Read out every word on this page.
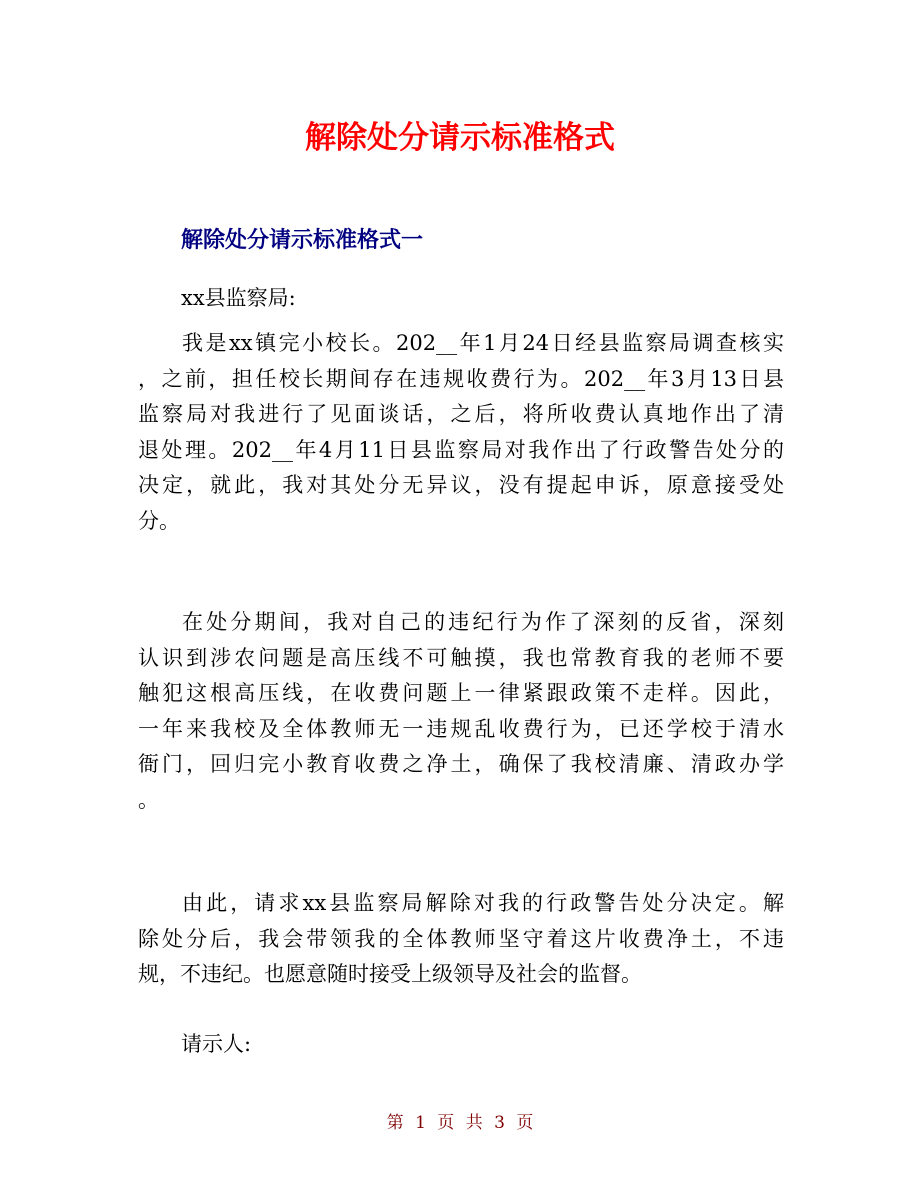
解除处分请示标准格式
解除处分请示标准格式一
xx县监察局:
我是xx镇完小校长。202__年1月24日经县监察局调查核实
，之前，担任校长期间存在违规收费行为。202__年3月13日县
监察局对我进行了见面谈话，之后，将所收费认真地作出了清
退处理。202__年4月11日县监察局对我作出了行政警告处分的
决定，就此，我对其处分无异议，没有提起申诉，原意接受处
分。
在处分期间，我对自己的违纪行为作了深刻的反省，深刻
认识到涉农问题是高压线不可触摸，我也常教育我的老师不要
触犯这根高压线，在收费问题上一律紧跟政策不走样。因此，
一年来我校及全体教师无一违规乱收费行为，已还学校于清水
衙门，回归完小教育收费之净土，确保了我校清廉、清政办学
。
由此，请求xx县监察局解除对我的行政警告处分决定。解
除处分后，我会带领我的全体教师坚守着这片收费净土，不违
规，不违纪。也愿意随时接受上级领导及社会的监督。
请示人:
第 1 页 共 3 页
